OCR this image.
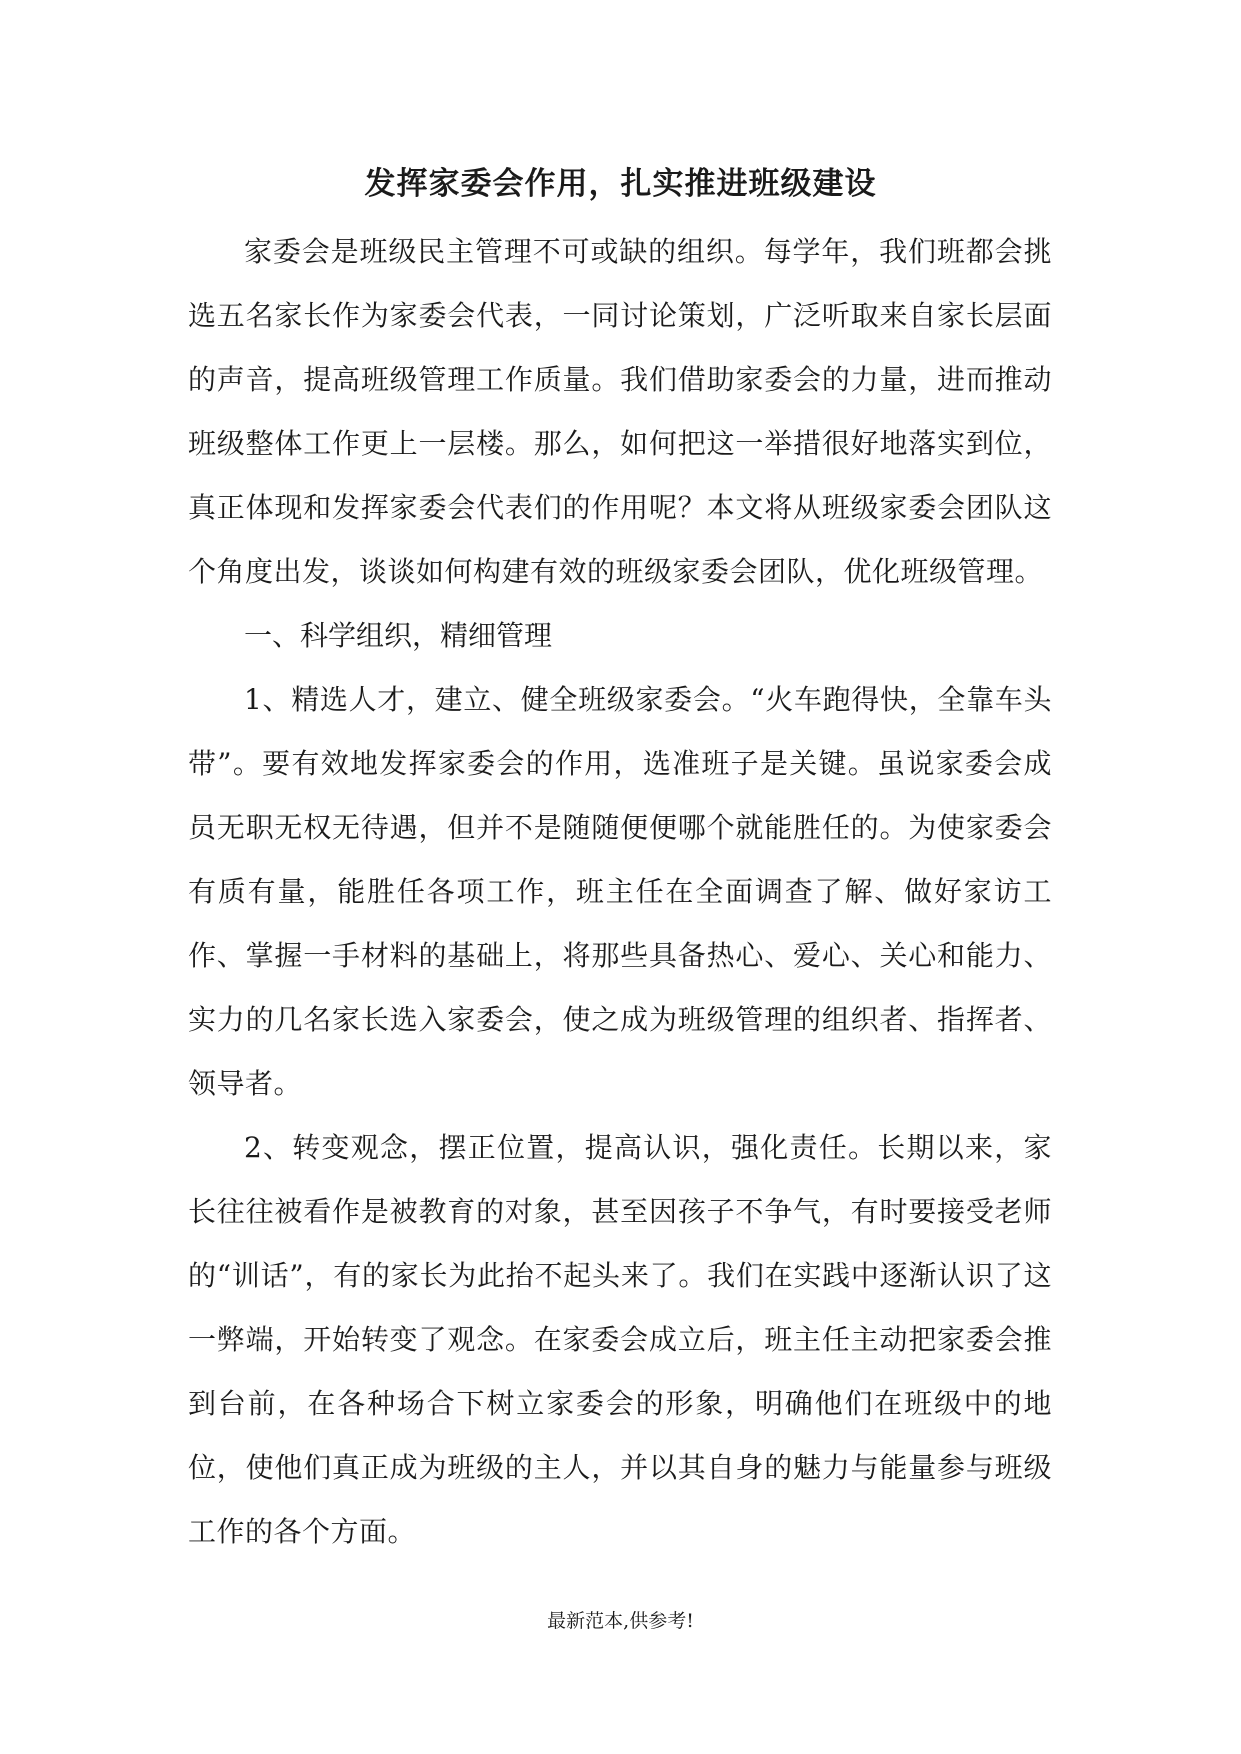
发挥家委会作用，扎实推进班级建设

家委会是班级民主管理不可或缺的组织。每学年，我们班都会挑选五名家长作为家委会代表，一同讨论策划，广泛听取来自家长层面的声音，提高班级管理工作质量。我们借助家委会的力量，进而推动班级整体工作更上一层楼。那么，如何把这一举措很好地落实到位，真正体现和发挥家委会代表们的作用呢？本文将从班级家委会团队这个角度出发，谈谈如何构建有效的班级家委会团队，优化班级管理。

一、科学组织，精细管理

1、精选人才，建立、健全班级家委会。“火车跑得快，全靠车头带”。要有效地发挥家委会的作用，选准班子是关键。虽说家委会成员无职无权无待遇，但并不是随随便便哪个就能胜任的。为使家委会有质有量，能胜任各项工作，班主任在全面调查了解、做好家访工作、掌握一手材料的基础上，将那些具备热心、爱心、关心和能力、实力的几名家长选入家委会，使之成为班级管理的组织者、指挥者、领导者。

2、转变观念，摆正位置，提高认识，强化责任。长期以来，家长往往被看作是被教育的对象，甚至因孩子不争气，有时要接受老师的“训话”，有的家长为此抬不起头来了。我们在实践中逐渐认识了这一弊端，开始转变了观念。在家委会成立后，班主任主动把家委会推到台前，在各种场合下树立家委会的形象，明确他们在班级中的地位，使他们真正成为班级的主人，并以其自身的魅力与能量参与班级工作的各个方面。

最新范本,供参考!
